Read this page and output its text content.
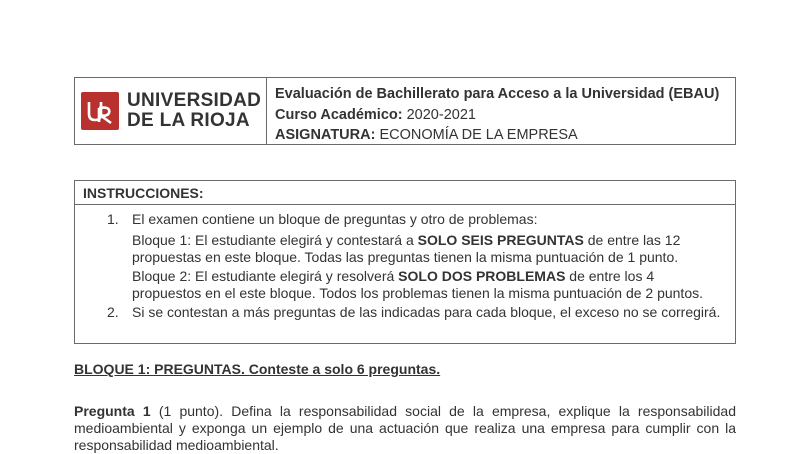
UNIVERSIDAD
DE LA RIOJA
Evaluación de Bachillerato para Acceso a la Universidad (EBAU)
Curso Académico: 2020-2021
ASIGNATURA: ECONOMÍA DE LA EMPRESA
INSTRUCCIONES:
1. El examen contiene un bloque de preguntas y otro de problemas:
Bloque 1: El estudiante elegirá y contestará a SOLO SEIS PREGUNTAS de entre las 12 propuestas en este bloque. Todas las preguntas tienen la misma puntuación de 1 punto.
Bloque 2: El estudiante elegirá y resolverá SOLO DOS PROBLEMAS de entre los 4 propuestos en el este bloque. Todos los problemas tienen la misma puntuación de 2 puntos.
2. Si se contestan a más preguntas de las indicadas para cada bloque, el exceso no se corregirá.
BLOQUE 1: PREGUNTAS. Conteste a solo 6 preguntas.
Pregunta 1 (1 punto). Defina la responsabilidad social de la empresa, explique la responsabilidad medioambiental y exponga un ejemplo de una actuación que realiza una empresa para cumplir con la responsabilidad medioambiental.
